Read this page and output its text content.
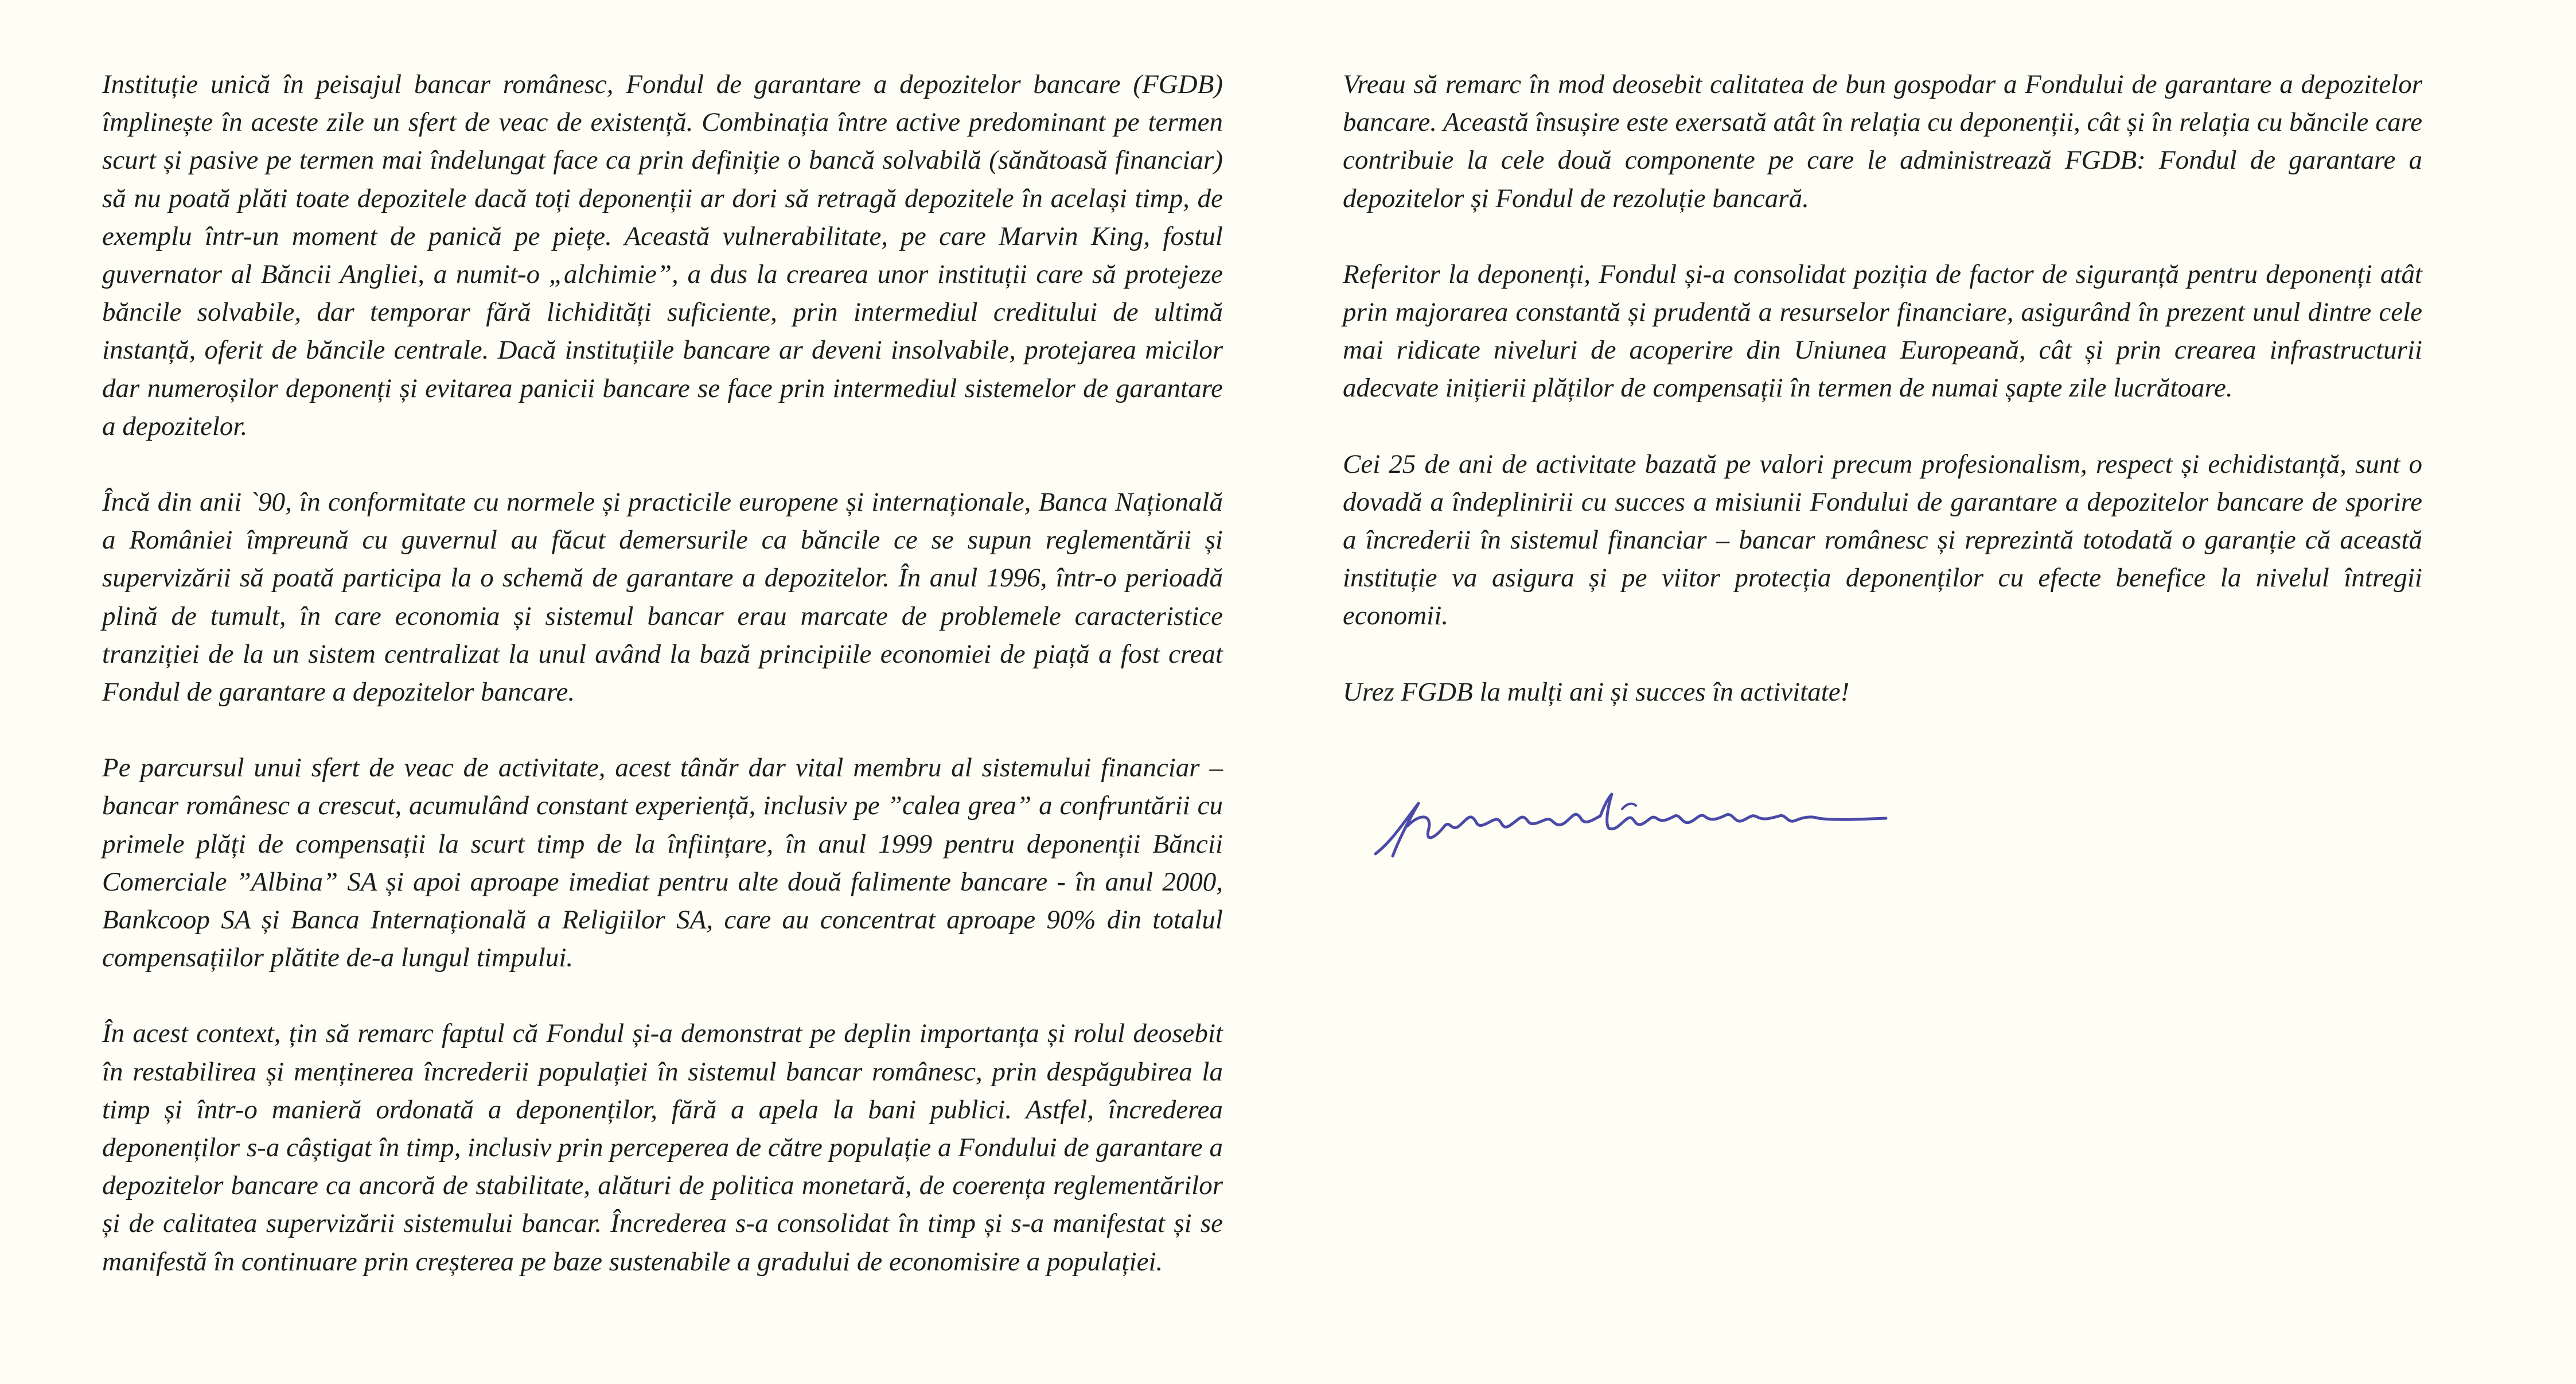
Instituție unică în peisajul bancar românesc, Fondul de garantare a depozitelor bancare (FGDB) împlinește în aceste zile un sfert de veac de existență. Combinația între active predominant pe termen scurt și pasive pe termen mai îndelungat face ca prin definiție o bancă solvabilă (sănătoasă financiar) să nu poată plăti toate depozitele dacă toți deponenții ar dori să retragă depozitele în același timp, de exemplu într-un moment de panică pe piețe. Această vulnerabilitate, pe care Marvin King, fostul guvernator al Băncii Angliei, a numit-o „alchimie”, a dus la crearea unor instituții care să protejeze băncile solvabile, dar temporar fără lichidități suficiente, prin intermediul creditului de ultimă instanță, oferit de băncile centrale. Dacă instituțiile bancare ar deveni insolvabile, protejarea micilor dar numeroșilor deponenți și evitarea panicii bancare se face prin intermediul sistemelor de garantare a depozitelor.

Încă din anii `90, în conformitate cu normele și practicile europene și internaționale, Banca Națională a României împreună cu guvernul au făcut demersurile ca băncile ce se supun reglementării și supervizării să poată participa la o schemă de garantare a depozitelor. În anul 1996, într-o perioadă plină de tumult, în care economia și sistemul bancar erau marcate de problemele caracteristice tranziției de la un sistem centralizat la unul având la bază principiile economiei de piață a fost creat Fondul de garantare a depozitelor bancare.

Pe parcursul unui sfert de veac de activitate, acest tânăr dar vital membru al sistemului financiar – bancar românesc a crescut, acumulând constant experiență, inclusiv pe ”calea grea” a confruntării cu primele plăți de compensații la scurt timp de la înființare, în anul 1999 pentru deponenții Băncii Comerciale ”Albina” SA și apoi aproape imediat pentru alte două falimente bancare - în anul 2000, Bankcoop SA și Banca Internațională a Religiilor SA, care au concentrat aproape 90% din totalul compensațiilor plătite de-a lungul timpului.

În acest context, țin să remarc faptul că Fondul și-a demonstrat pe deplin importanța și rolul deosebit în restabilirea și menținerea încrederii populației în sistemul bancar românesc, prin despăgubirea la timp și într-o manieră ordonată a deponenților, fără a apela la bani publici. Astfel, încrederea deponenților s-a câștigat în timp, inclusiv prin perceperea de către populație a Fondului de garantare a depozitelor bancare ca ancoră de stabilitate, alături de politica monetară, de coerența reglementărilor și de calitatea supervizării sistemului bancar. Încrederea s-a consolidat în timp și s-a manifestat și se manifestă în continuare prin creșterea pe baze sustenabile a gradului de economisire a populației.

Vreau să remarc în mod deosebit calitatea de bun gospodar a Fondului de garantare a depozitelor bancare. Această însușire este exersată atât în relația cu deponenții, cât și în relația cu băncile care contribuie la cele două componente pe care le administrează FGDB: Fondul de garantare a depozitelor și Fondul de rezoluție bancară.

Referitor la deponenți, Fondul și-a consolidat poziția de factor de siguranță pentru deponenți atât prin majorarea constantă și prudentă a resurselor financiare, asigurând în prezent unul dintre cele mai ridicate niveluri de acoperire din Uniunea Europeană, cât și prin crearea infrastructurii adecvate inițierii plăților de compensații în termen de numai șapte zile lucrătoare.

Cei 25 de ani de activitate bazată pe valori precum profesionalism, respect și echidistanță, sunt o dovadă a îndeplinirii cu succes a misiunii Fondului de garantare a depozitelor bancare de sporire a încrederii în sistemul financiar – bancar românesc și reprezintă totodată o garanție că această instituție va asigura și pe viitor protecția deponenților cu efecte benefice la nivelul întregii economii.

Urez FGDB la mulți ani și succes în activitate!
